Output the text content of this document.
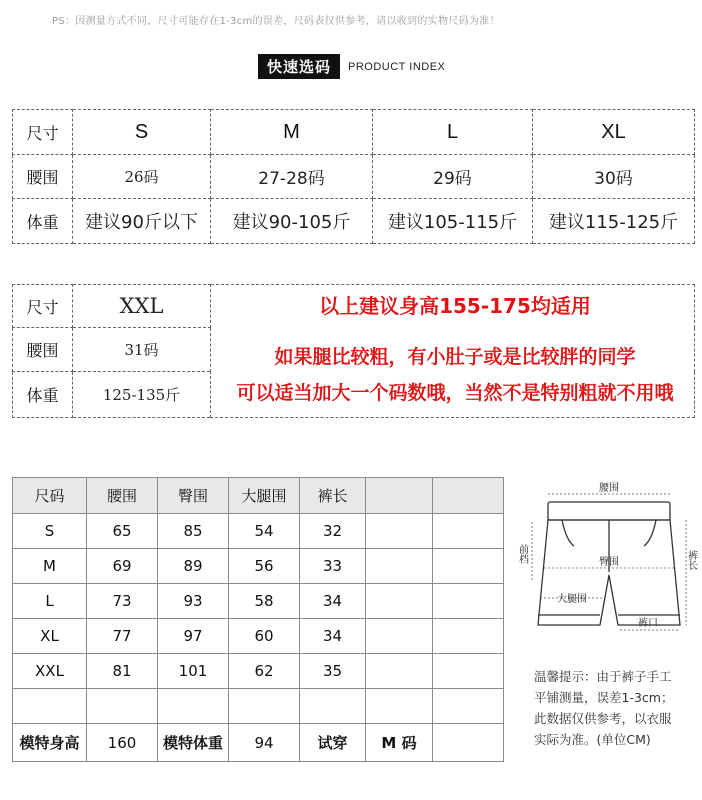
PS：因测量方式不同，尺寸可能存在1-3cm的误差，尺码表仅供参考，请以收到的实物尺码为准！
快速选码	PRODUCT INDEX
尺寸	S	M	L	XL
腰围	26码	27-28码	29码	30码
体重	建议90斤以下	建议90-105斤	建议105-115斤	建议115-125斤
尺寸	XXL	
腰围	31码	
体重	125-135斤	
以上建议身高155-175均适用
如果腿比较粗，有小肚子或是比较胖的同学
可以适当加大一个码数哦，当然不是特别粗就不用哦
尺码	腰围	臀围	大腿围	裤长		
S	65	85	54	32		
M	69	89	56	33		
L	73	93	58	34		
XL	77	97	60	34		
XXL	81	101	62	35		

模特身高	160	模特体重	94	试穿	M 码	
腰围
臀围
大腿围
裤口
前档	裤长
温馨提示：由于裤子手工
平铺测量，误差1-3cm；
此数据仅供参考，以衣服
实际为准。(单位CM)
